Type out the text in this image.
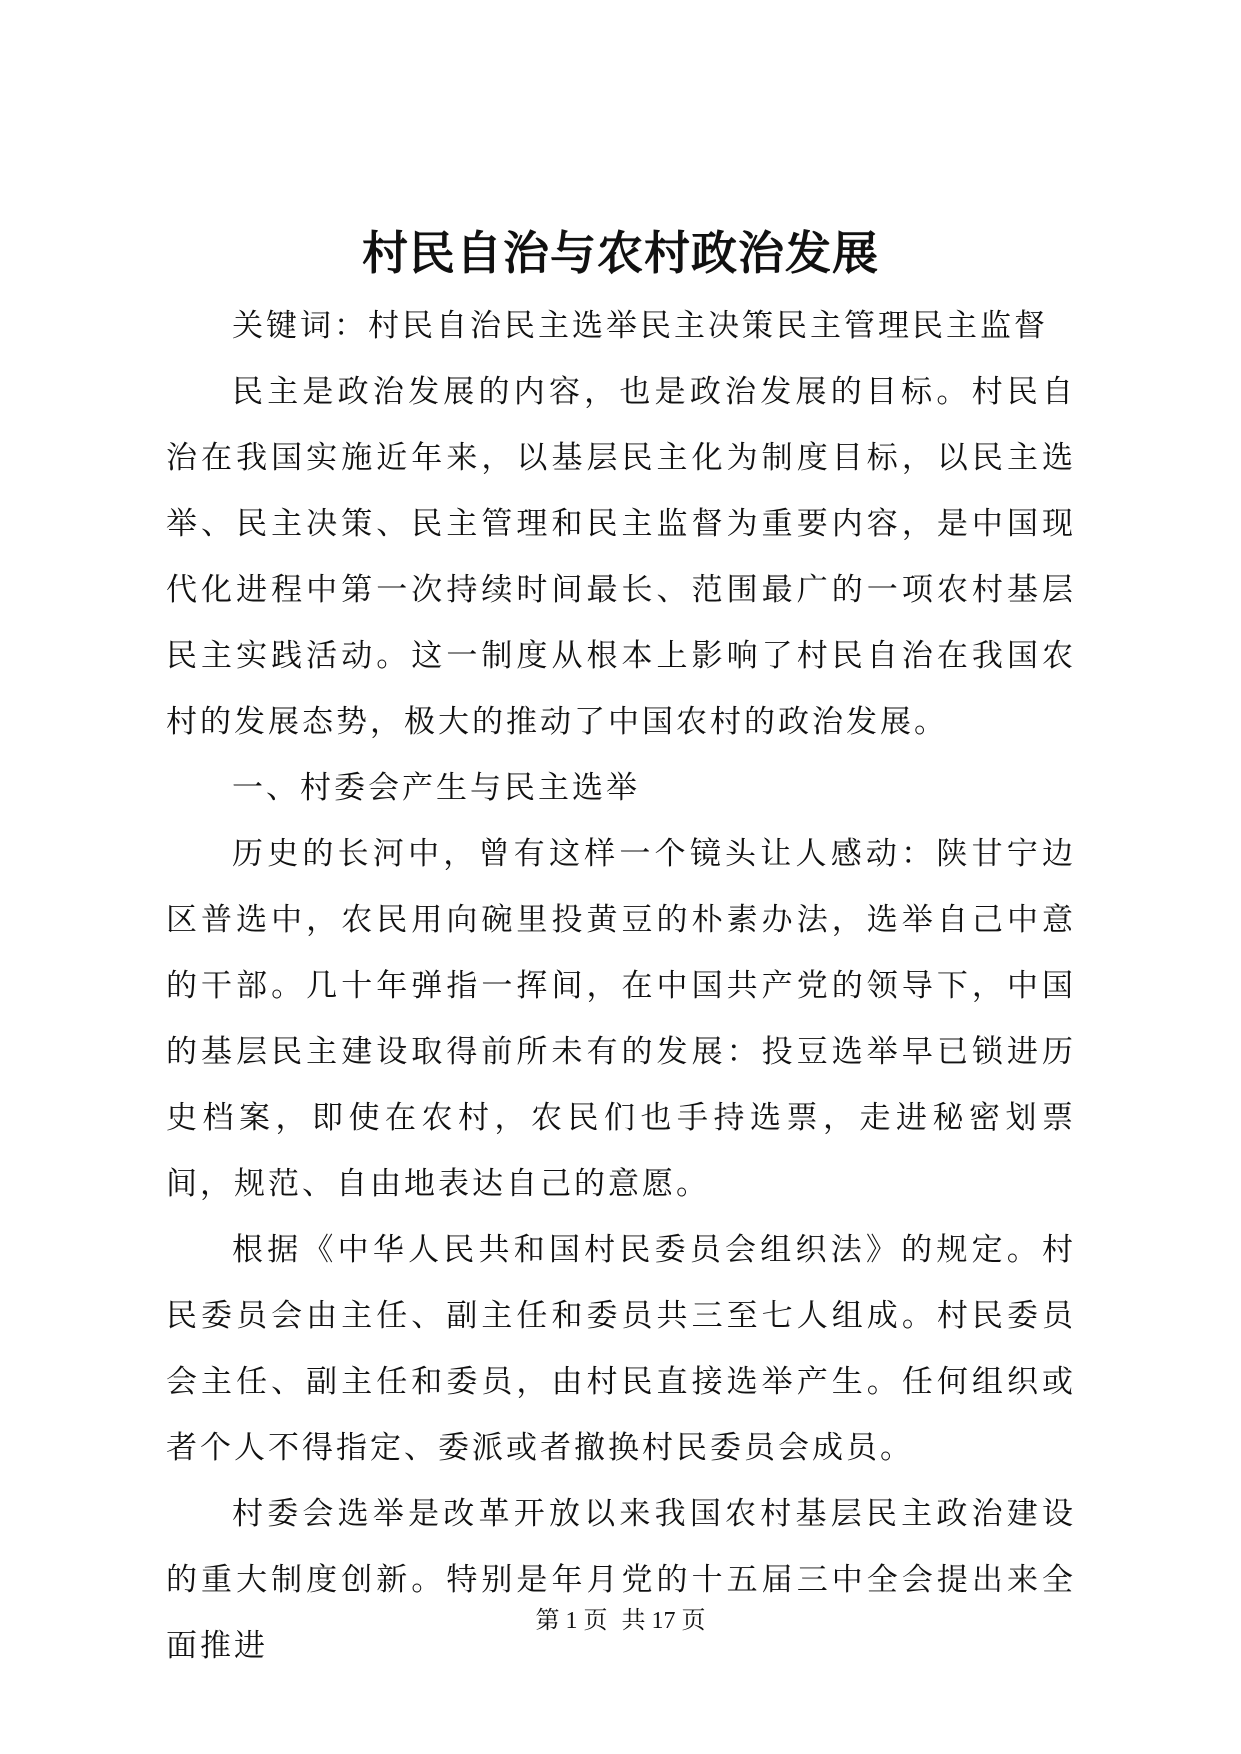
村民自治与农村政治发展

关键词：村民自治民主选举民主决策民主管理民主监督

民主是政治发展的内容，也是政治发展的目标。村民自治在我国实施近年来，以基层民主化为制度目标，以民主选举、民主决策、民主管理和民主监督为重要内容，是中国现代化进程中第一次持续时间最长、范围最广的一项农村基层民主实践活动。这一制度从根本上影响了村民自治在我国农村的发展态势，极大的推动了中国农村的政治发展。

一、村委会产生与民主选举

历史的长河中，曾有这样一个镜头让人感动：陕甘宁边区普选中，农民用向碗里投黄豆的朴素办法，选举自己中意的干部。几十年弹指一挥间，在中国共产党的领导下，中国的基层民主建设取得前所未有的发展：投豆选举早已锁进历史档案，即使在农村，农民们也手持选票，走进秘密划票间，规范、自由地表达自己的意愿。

根据《中华人民共和国村民委员会组织法》的规定。村民委员会由主任、副主任和委员共三至七人组成。村民委员会主任、副主任和委员，由村民直接选举产生。任何组织或者个人不得指定、委派或者撤换村民委员会成员。

村委会选举是改革开放以来我国农村基层民主政治建设的重大制度创新。特别是年月党的十五届三中全会提出来全面推进

第 1 页 共 17 页
